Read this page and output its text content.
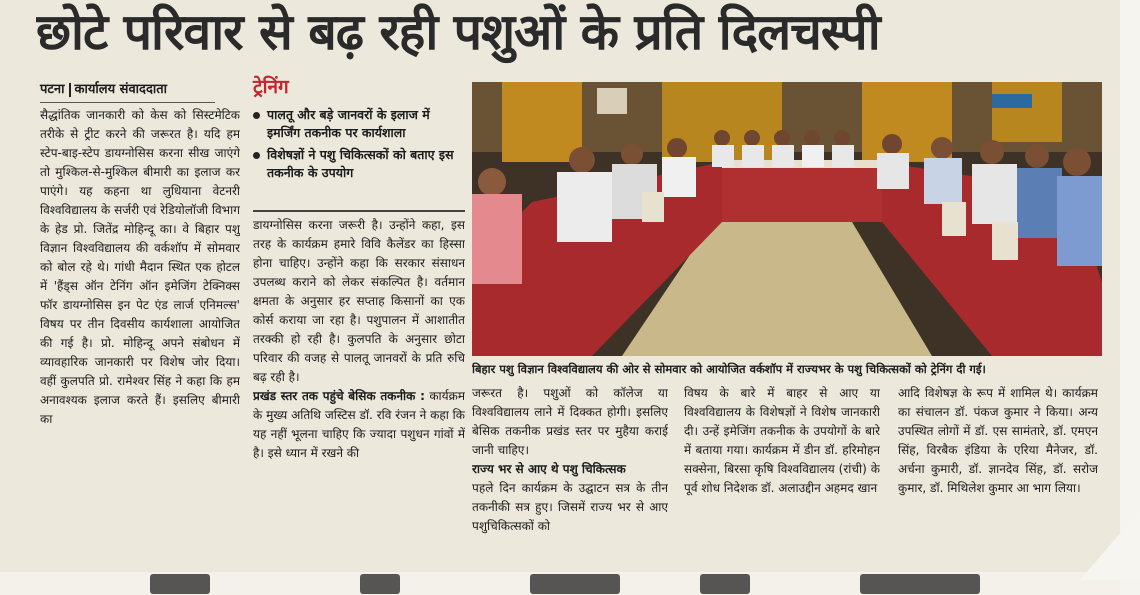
छोटे परिवार से बढ़ रही पशुओं के प्रति दिलचस्पी
पटना कार्यालय संवाददाता

सैद्धांतिक जानकारी को केस को सिस्टमेटिक तरीके से ट्रीट करने की जरूरत है। यदि हम स्टेप-बाइ-स्टेप डायग्नोसिस करना सीख जाएंगे तो मुश्किल-से-मुश्किल बीमारी का इलाज कर पाएंगे। यह कहना था लुधियाना वेटनरी विश्वविद्यालय के सर्जरी एवं रेडियोलॉजी विभाग के हेड प्रो. जितेंद्र मोहिन्दू का। वे बिहार पशु विज्ञान विश्वविद्यालय की वर्कशॉप में सोमवार को बोल रहे थे। गांधी मैदान स्थित एक होटल में 'हैंड्स ऑन टेनिंग ऑन इमेजिंग टेक्निक्स फॉर डायग्नोसिस इन पेट एंड लार्ज एनिमल्स' विषय पर तीन दिवसीय कार्यशाला आयोजित की गई है। प्रो. मोहिन्दू अपने संबोधन में व्यावहारिक जानकारी पर विशेष जोर दिया। वहीं कुलपति प्रो. रामेश्वर सिंह ने कहा कि हम अनावश्यक इलाज करते हैं। इसलिए बीमारी का

ट्रेनिंग
पालतू और बड़े जानवरों के इलाज में इमर्जिंग तकनीक पर कार्यशाला
विशेषज्ञों ने पशु चिकित्सकों को बताए इस तकनीक के उपयोग

डायग्नोसिस करना जरूरी है। उन्होंने कहा, इस तरह के कार्यक्रम हमारे विवि कैलेंडर का हिस्सा होना चाहिए। उन्होंने कहा कि सरकार संसाधन उपलब्ध कराने को लेकर संकल्पित है। वर्तमान क्षमता के अनुसार हर सप्ताह किसानों का एक कोर्स कराया जा रहा है। पशुपालन में आशातीत तरक्की हो रही है। कुलपति के अनुसार छोटा परिवार की वजह से पालतू जानवरों के प्रति रुचि बढ़ रही है।

प्रखंड स्तर तक पहुंचे बेसिक तकनीक : कार्यक्रम के मुख्य अतिथि जस्टिस डॉ. रवि रंजन ने कहा कि यह नहीं भूलना चाहिए कि ज्यादा पशुधन गांवों में है। इसे ध्यान में रखने की

बिहार पशु विज्ञान विश्वविद्यालय की ओर से सोमवार को आयोजित वर्कशॉप में राज्यभर के पशु चिकित्सकों को ट्रेनिंग दी गई।

जरूरत है। पशुओं को कॉलेज या विश्वविद्यालय लाने में दिक्कत होगी। इसलिए बेसिक तकनीक प्रखंड स्तर पर मुहैया कराई जानी चाहिए।

राज्य भर से आए थे पशु चिकित्सक

पहले दिन कार्यक्रम के उद्घाटन सत्र के तीन तकनीकी सत्र हुए। जिसमें राज्य भर से आए पशुचिकित्सकों को

विषय के बारे में बाहर से आए या विश्वविद्यालय के विशेषज्ञों ने विशेष जानकारी दी। उन्हें इमेजिंग तकनीक के उपयोगों के बारे में बताया गया। कार्यक्रम में डीन डॉ. हरिमोहन सक्सेना, बिरसा कृषि विश्वविद्यालय (रांची) के पूर्व शोध निदेशक डॉ. अलाउद्दीन अहमद खान

आदि विशेषज्ञ के रूप में शामिल थे। कार्यक्रम का संचालन डॉ. पंकज कुमार ने किया। अन्य उपस्थित लोगों में डॉ. एस सामंतारे, डॉ. एमएन सिंह, विरबैक इंडिया के एरिया मैनेजर, डॉ. अर्चना कुमारी, डॉ. ज्ञानदेव सिंह, डॉ. सरोज कुमार, डॉ. मिथिलेश कुमार आ भाग लिया।
